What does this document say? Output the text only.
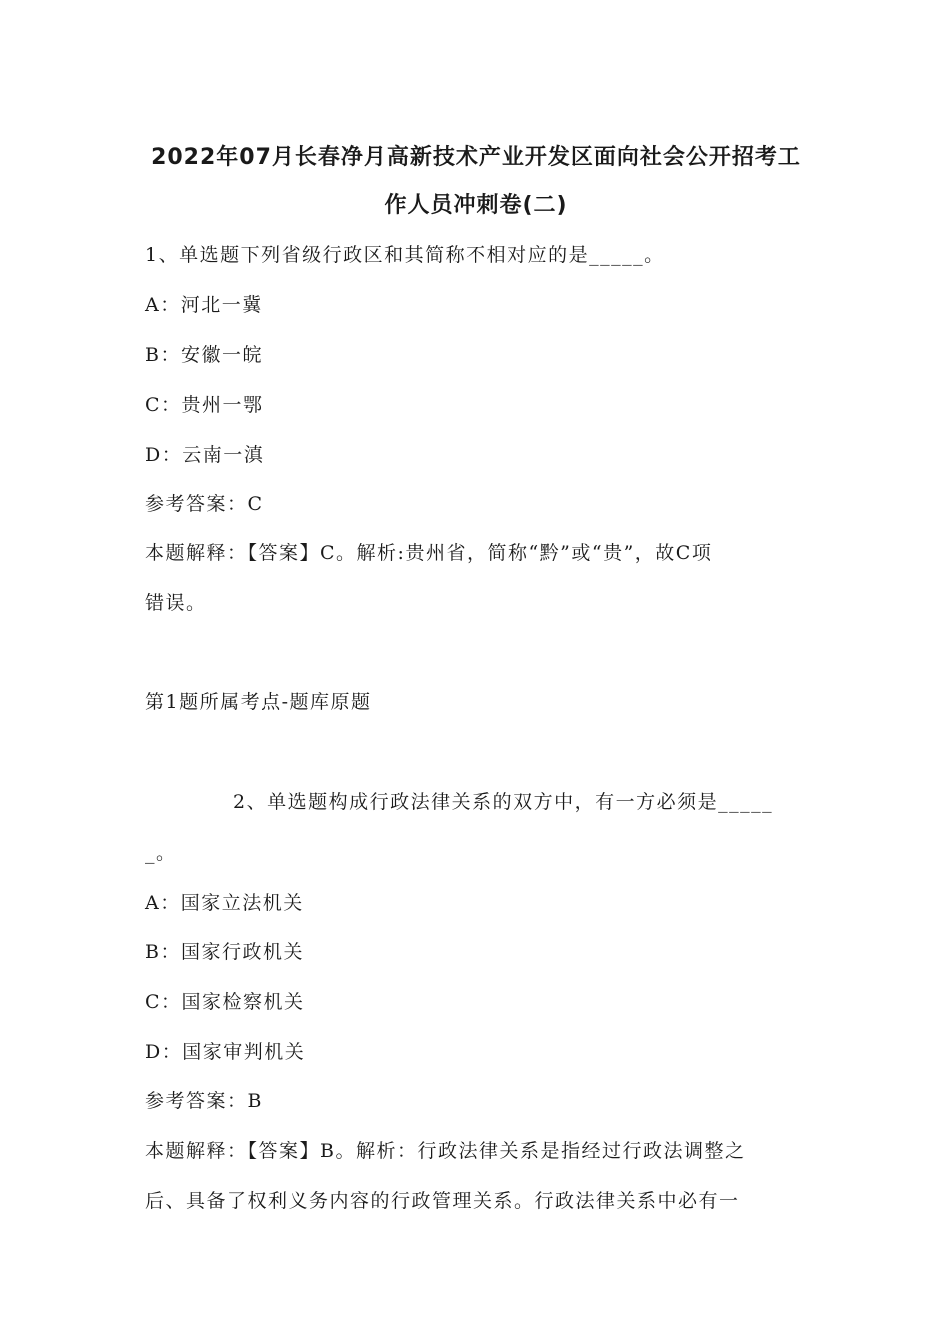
2022年07月长春净月高新技术产业开发区面向社会公开招考工
作人员冲刺卷(二)
1、单选题下列省级行政区和其简称不相对应的是_____。
A：河北一冀
B：安徽一皖
C：贵州一鄂
D：云南一滇
参考答案：C
本题解释：【答案】C。解析:贵州省，简称“黔”或“贵”，故C项
错误。
第1题所属考点-题库原题
2、单选题构成行政法律关系的双方中，有一方必须是_____
_。
A：国家立法机关
B：国家行政机关
C：国家检察机关
D：国家审判机关
参考答案：B
本题解释：【答案】B。解析：行政法律关系是指经过行政法调整之
后、具备了权利义务内容的行政管理关系。行政法律关系中必有一
